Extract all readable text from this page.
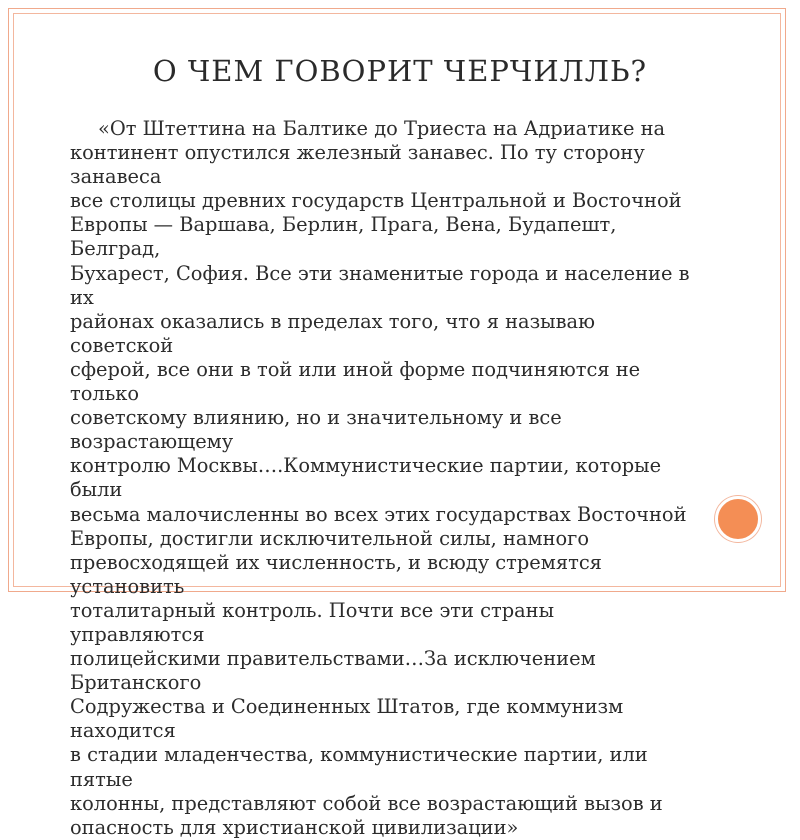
О ЧЕМ ГОВОРИТ ЧЕРЧИЛЛЬ?

«От Штеттина на Балтике до Триеста на Адриатике на
континент опустился железный занавес. По ту сторону занавеса
все столицы древних государств Центральной и Восточной
Европы — Варшава, Берлин, Прага, Вена, Будапешт, Белград,
Бухарест, София. Все эти знаменитые города и население в их
районах оказались в пределах того, что я называю советской
сферой, все они в той или иной форме подчиняются не только
советскому влиянию, но и значительному и все возрастающему
контролю Москвы….Коммунистические партии, которые были
весьма малочисленны во всех этих государствах Восточной
Европы, достигли исключительной силы, намного
превосходящей их численность, и всюду стремятся установить
тоталитарный контроль. Почти все эти страны управляются
полицейскими правительствами…За исключением Британского
Содружества и Соединенных Штатов, где коммунизм находится
в стадии младенчества, коммунистические партии, или пятые
колонны, представляют собой все возрастающий вызов и
опасность для христианской цивилизации»
